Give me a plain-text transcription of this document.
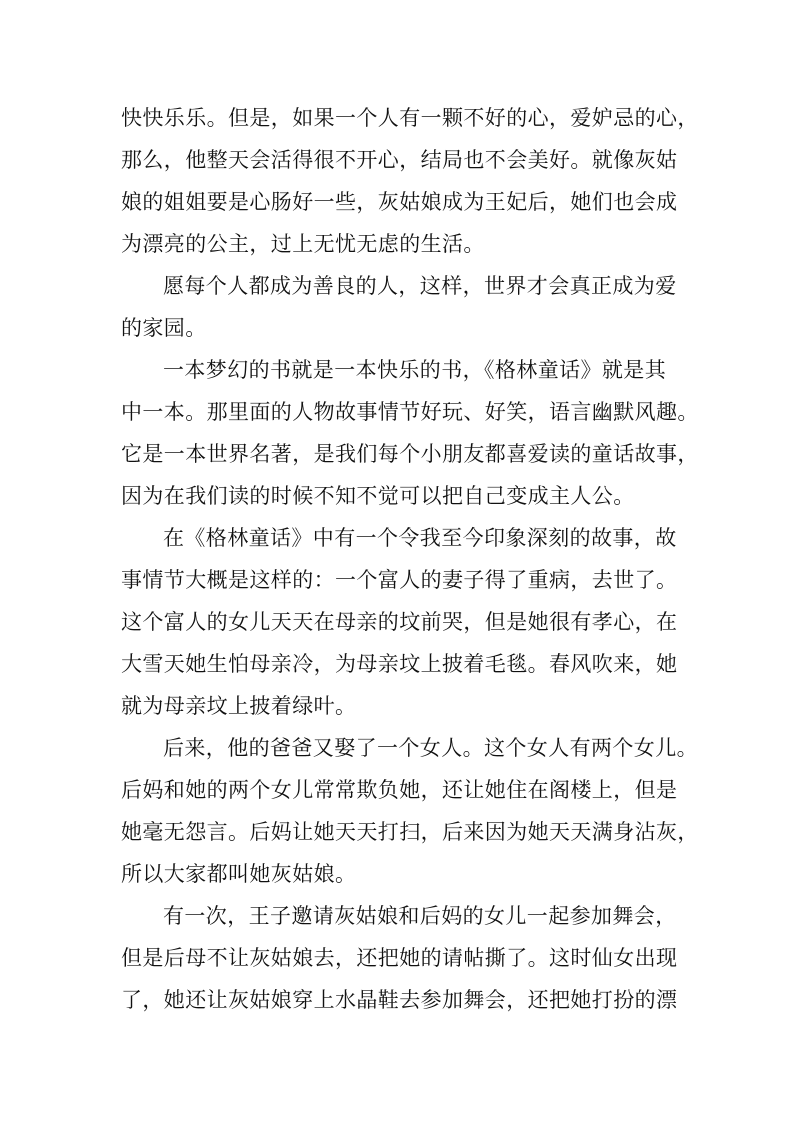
快快乐乐。但是，如果一个人有一颗不好的心，爱妒忌的心，
那么，他整天会活得很不开心，结局也不会美好。就像灰姑
娘的姐姐要是心肠好一些，灰姑娘成为王妃后，她们也会成
为漂亮的公主，过上无忧无虑的生活。
愿每个人都成为善良的人，这样，世界才会真正成为爱
的家园。
一本梦幻的书就是一本快乐的书，《格林童话》就是其
中一本。那里面的人物故事情节好玩、好笑，语言幽默风趣。
它是一本世界名著，是我们每个小朋友都喜爱读的童话故事，
因为在我们读的时候不知不觉可以把自己变成主人公。
在《格林童话》中有一个令我至今印象深刻的故事，故
事情节大概是这样的：一个富人的妻子得了重病，去世了。
这个富人的女儿天天在母亲的坟前哭，但是她很有孝心，在
大雪天她生怕母亲冷，为母亲坟上披着毛毯。春风吹来，她
就为母亲坟上披着绿叶。
后来，他的爸爸又娶了一个女人。这个女人有两个女儿。
后妈和她的两个女儿常常欺负她，还让她住在阁楼上，但是
她毫无怨言。后妈让她天天打扫，后来因为她天天满身沾灰，
所以大家都叫她灰姑娘。
有一次，王子邀请灰姑娘和后妈的女儿一起参加舞会，
但是后母不让灰姑娘去，还把她的请帖撕了。这时仙女出现
了，她还让灰姑娘穿上水晶鞋去参加舞会，还把她打扮的漂
